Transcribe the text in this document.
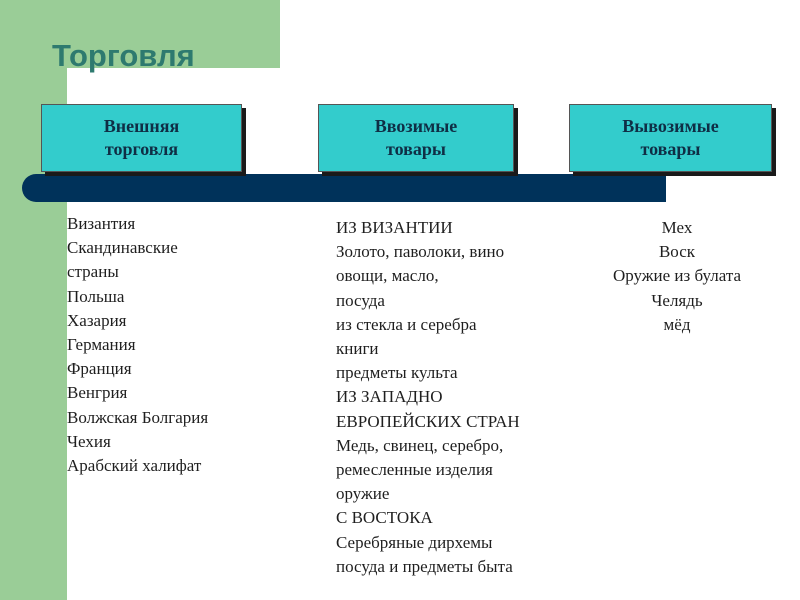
Торговля
Внешняя
торговля
Ввозимые
товары
Вывозимые
товары
Византия
Скандинавские
страны
Польша
Хазария
Германия
Франция
Венгрия
Волжская Болгария
Чехия
Арабский халифат
ИЗ ВИЗАНТИИ
Золото, паволоки, вино
овощи, масло,
посуда
из стекла и серебра
книги
предметы культа
ИЗ ЗАПАДНО
ЕВРОПЕЙСКИХ СТРАН
Медь, свинец, серебро,
ремесленные изделия
оружие
С ВОСТОКА
Серебряные дирхемы
посуда и предметы быта
Мех
Воск
Оружие из булата
Челядь
мёд
